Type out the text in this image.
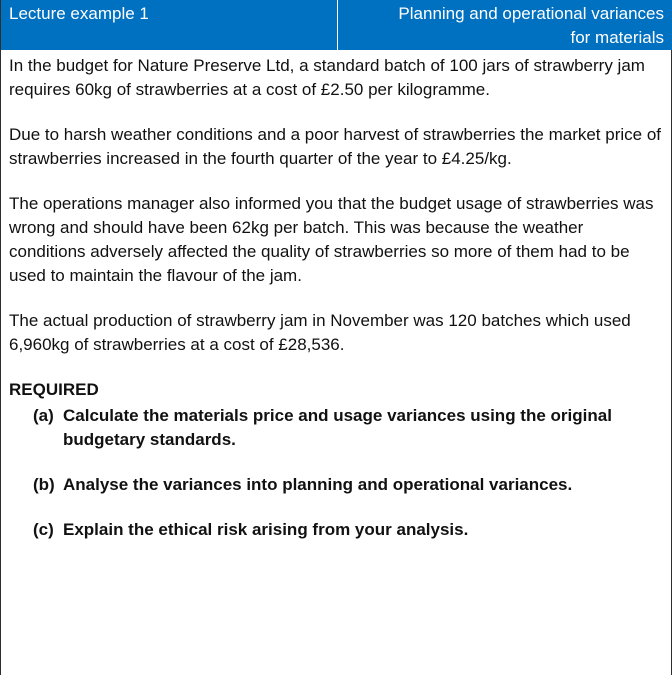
Lecture example 1	Planning and operational variances
for materials

In the budget for Nature Preserve Ltd, a standard batch of 100 jars of strawberry jam requires 60kg of strawberries at a cost of £2.50 per kilogramme.

Due to harsh weather conditions and a poor harvest of strawberries the market price of strawberries increased in the fourth quarter of the year to £4.25/kg.

The operations manager also informed you that the budget usage of strawberries was wrong and should have been 62kg per batch. This was because the weather conditions adversely affected the quality of strawberries so more of them had to be used to maintain the flavour of the jam.

The actual production of strawberry jam in November was 120 batches which used 6,960kg of strawberries at a cost of £28,536.

REQUIRED

(a) Calculate the materials price and usage variances using the original budgetary standards.
(b) Analyse the variances into planning and operational variances.
(c) Explain the ethical risk arising from your analysis.
